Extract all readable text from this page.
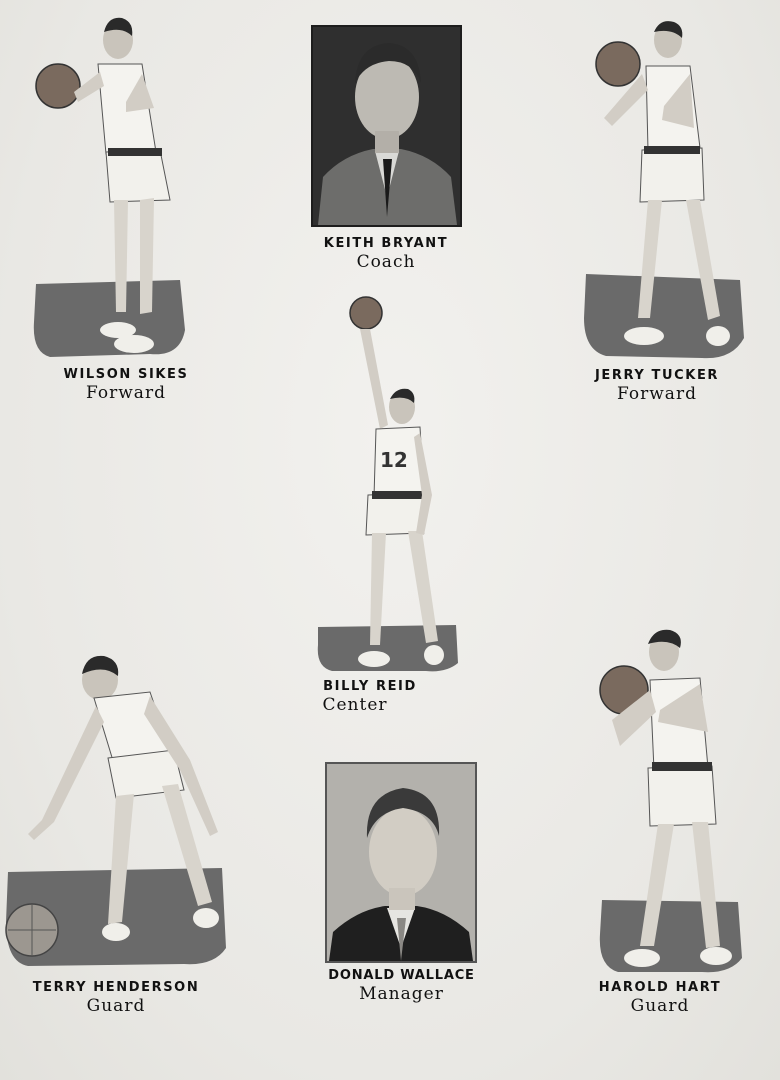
KEITH BRYANT
Coach
WILSON SIKES
Forward
JERRY TUCKER
Forward
12
BILLY REID
Center
TERRY HENDERSON
Guard
DONALD WALLACE
Manager	HAROLD HART
Guard
